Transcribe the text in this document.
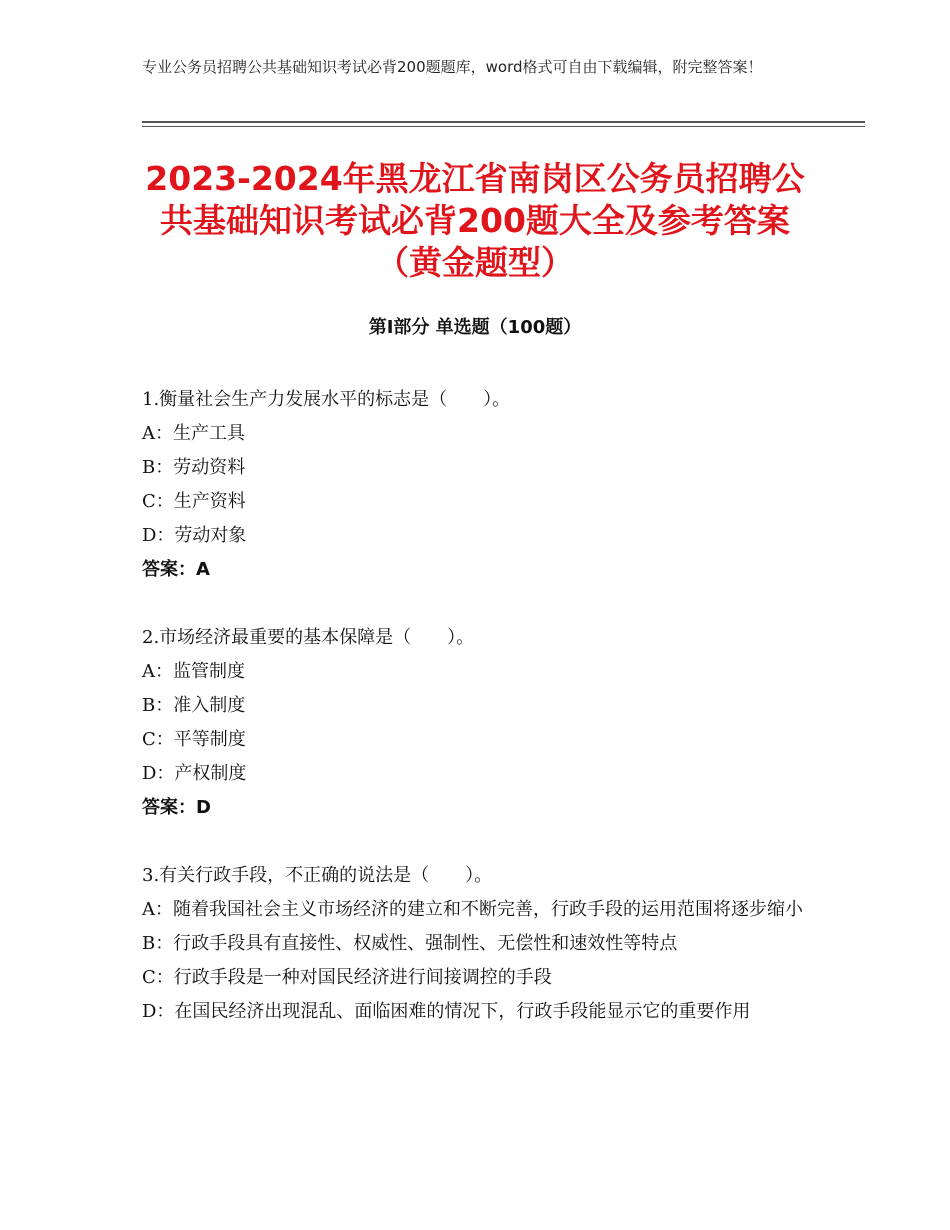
专业公务员招聘公共基础知识考试必背200题题库，word格式可自由下载编辑，附完整答案！
2023-2024年黑龙江省南岗区公务员招聘公
共基础知识考试必背200题大全及参考答案
（黄金题型）
第Ⅰ部分 单选题（100题）

1.衡量社会生产力发展水平的标志是（　　）。

A：生产工具

B：劳动资料

C：生产资料

D：劳动对象

答案：A

2.市场经济最重要的基本保障是（　　）。

A：监管制度

B：准入制度

C：平等制度

D：产权制度

答案：D

3.有关行政手段，不正确的说法是（　　）。

A：随着我国社会主义市场经济的建立和不断完善，行政手段的运用范围将逐步缩小

B：行政手段具有直接性、权威性、强制性、无偿性和速效性等特点

C：行政手段是一种对国民经济进行间接调控的手段

D：在国民经济出现混乱、面临困难的情况下，行政手段能显示它的重要作用
